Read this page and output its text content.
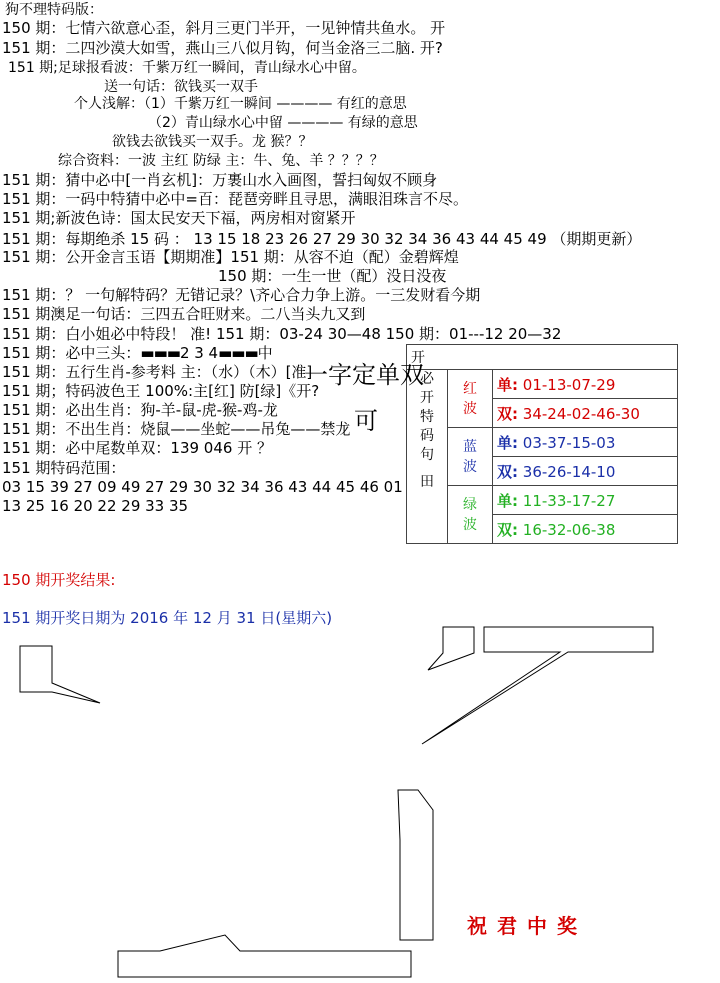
狗不理特码版：
150 期：七情六欲意心歪，斜月三更门半开，一见钟情共鱼水。 开
151 期：二四沙漠大如雪，燕山三八似月钩，何当金洛三二脑. 开?
151 期;足球报看波：千紫万红一瞬间，青山绿水心中留。
送一句话：欲钱买一双手
个人浅解：（1）千紫万红一瞬间 ———— 有红的意思
（2）青山绿水心中留 ———— 有绿的意思
欲钱去欲钱买一双手。龙 猴？？
综合资料：一波 主红 防绿 主：牛、兔、羊 ？？？？
151 期：猜中必中[一肖玄机]：万裹山水入画图，誓扫匈奴不顾身
151 期：一码中特猜中必中=百：琵琶旁畔且寻思，满眼泪珠言不尽。
151 期;新波色诗：国太民安天下福，两房相对窗紧开
151 期：每期绝杀 15 码 ： 13 15 18 23 26 27 29 30 32 34 36 43 44 45 49 （期期更新）
151 期：公开金言玉语【期期准】151 期：从容不迫（配）金碧辉煌
150 期：一生一世（配）没日没夜
151 期：？ 一句解特码？无错记录？\齐心合力争上游。一三发财看今期
151 期澳足一句话：三四五合旺财来。二八当头九又到
151 期：白小姐必中特段！ 准! 151 期：03-24 30—48 150 期：01---12 20—32
151 期：必中三头：▬▬▬2 3 4▬▬▬中
151 期：五行生肖-参考料 主：（水）（木）[准]
151 期；特码波色王 100%:主[红] 防[绿]《开?
151 期：必出生肖：狗-羊-鼠-虎-猴-鸡-龙
151 期：不出生肖：烧鼠——坐蛇——吊兔——禁龙
151 期：必中尾数单双：139 046 开 ？
151 期特码范围：
03 15 39 27 09 49 27 29 30 32 34 36 43 44 45 46 01
13 25 16 20 22 29 33 35
开		

必开特码句
田	红波	单: 01-13-07-29
		双: 34-24-02-46-30

	蓝波	单: 03-37-15-03
		双: 36-26-14-10

	绿波	单: 11-33-17-27
		双: 16-32-06-38
一字定单双
可
150 期开奖结果:
151 期开奖日期为 2016 年 12 月 31 日(星期六)
祝君中奖
